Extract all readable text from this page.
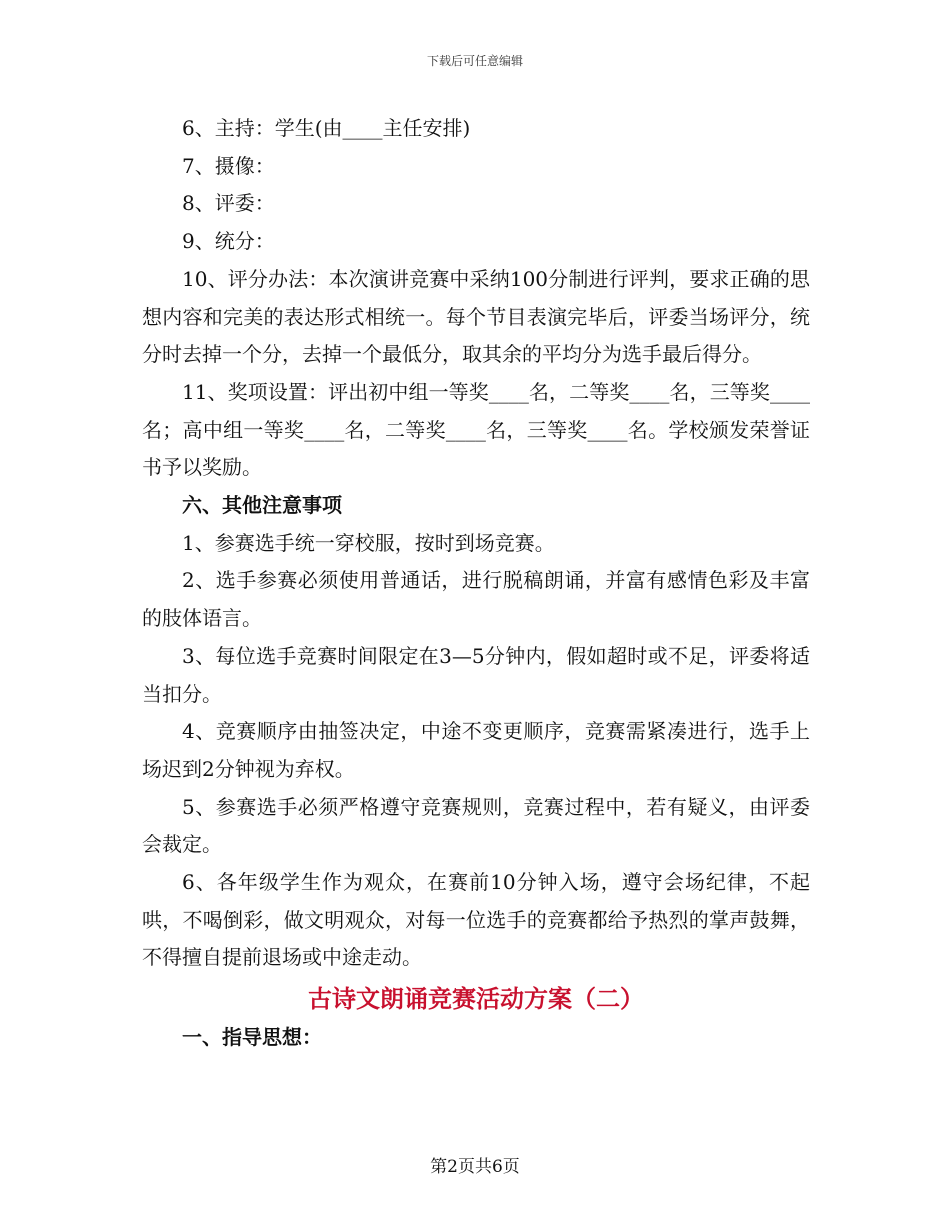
下载后可任意编辑

6、主持：学生(由____主任安排)

7、摄像：

8、评委：

9、统分：

10、评分办法：本次演讲竞赛中采纳100分制进行评判，要求正确的思想内容和完美的表达形式相统一。每个节目表演完毕后，评委当场评分，统分时去掉一个分，去掉一个最低分，取其余的平均分为选手最后得分。

11、奖项设置：评出初中组一等奖____名，二等奖____名，三等奖____名；高中组一等奖____名，二等奖____名，三等奖____名。学校颁发荣誉证书予以奖励。

六、其他注意事项

1、参赛选手统一穿校服，按时到场竞赛。

2、选手参赛必须使用普通话，进行脱稿朗诵，并富有感情色彩及丰富的肢体语言。

3、每位选手竞赛时间限定在3—5分钟内，假如超时或不足，评委将适当扣分。

4、竞赛顺序由抽签决定，中途不变更顺序，竞赛需紧凑进行，选手上场迟到2分钟视为弃权。

5、参赛选手必须严格遵守竞赛规则，竞赛过程中，若有疑义，由评委会裁定。

6、各年级学生作为观众，在赛前10分钟入场，遵守会场纪律，不起哄，不喝倒彩，做文明观众，对每一位选手的竞赛都给予热烈的掌声鼓舞，不得擅自提前退场或中途走动。

古诗文朗诵竞赛活动方案（二）

一、指导思想：

第2页共6页
